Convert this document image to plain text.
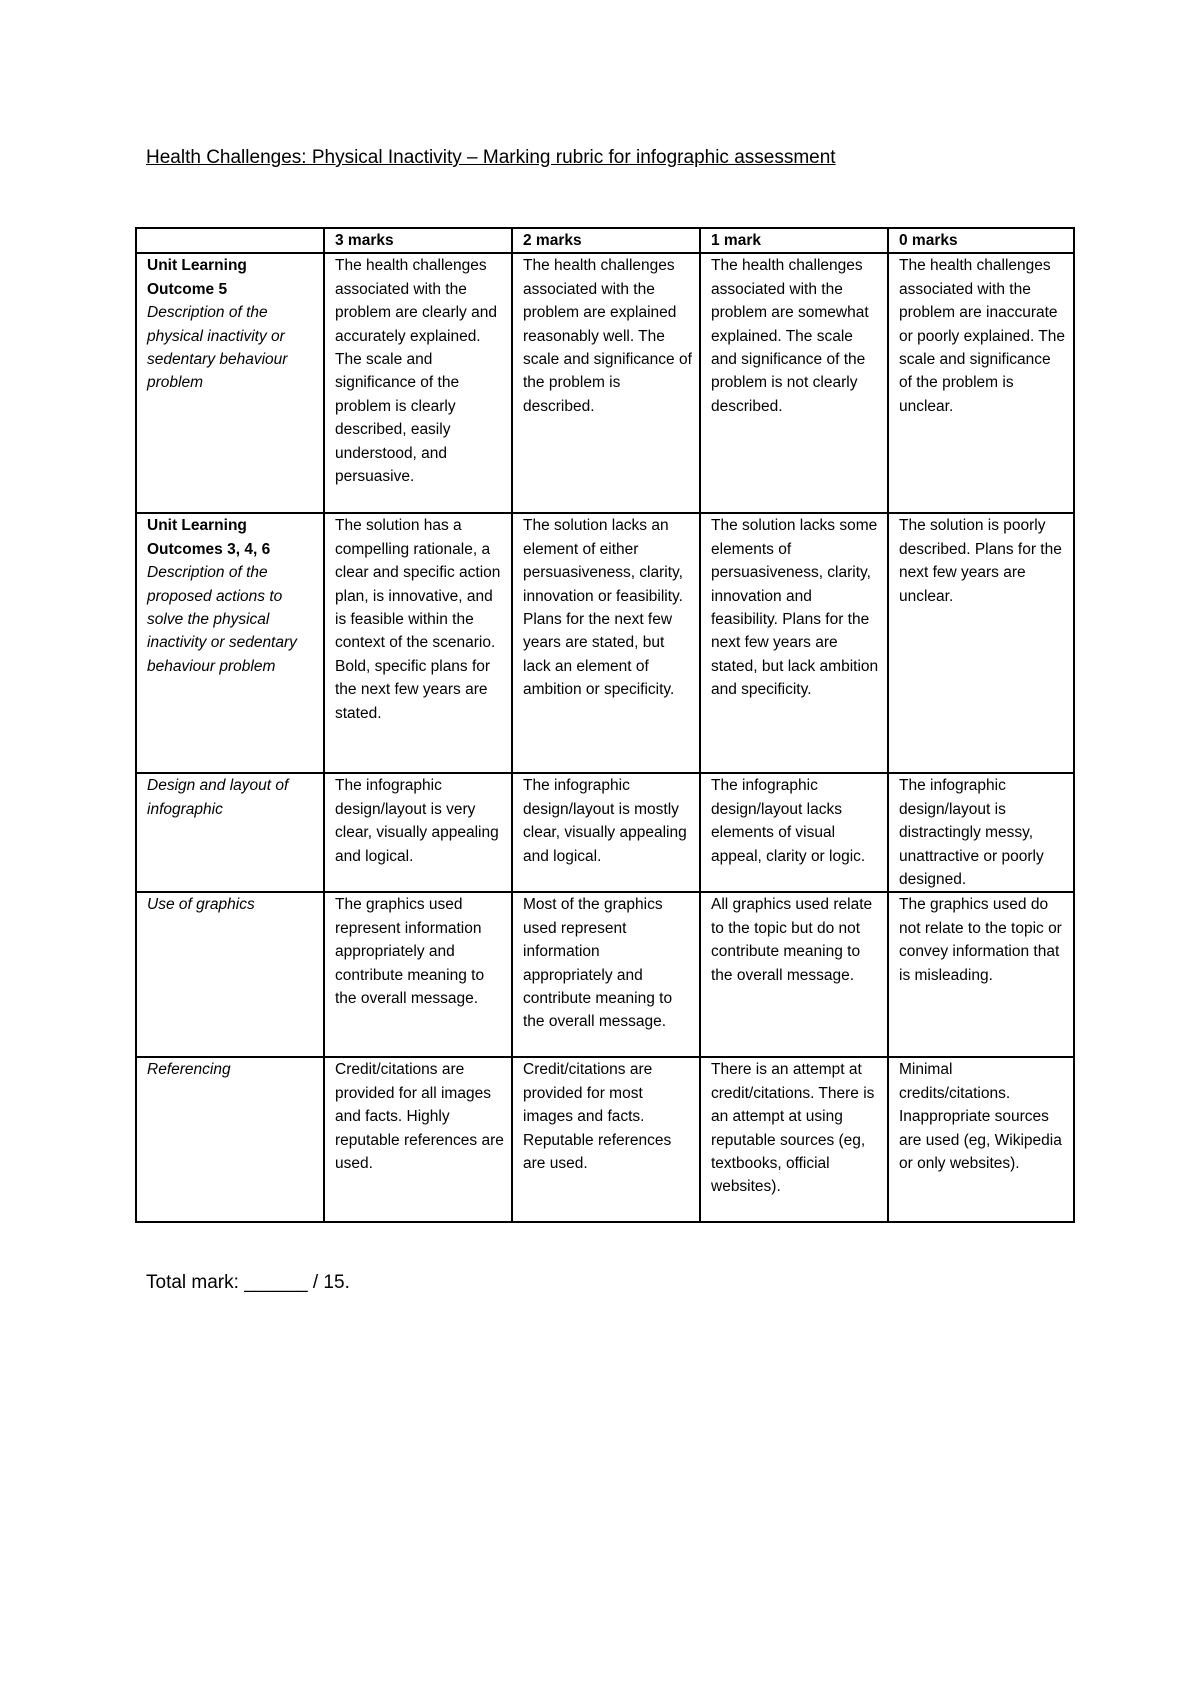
Health Challenges: Physical Inactivity – Marking rubric for infographic assessment
	3 marks	2 marks	1 mark	0 marks

Unit Learning Outcome 5
Description of the physical inactivity or sedentary behaviour problem	The health challenges associated with the problem are clearly and accurately explained. The scale and significance of the problem is clearly described, easily understood, and persuasive.	The health challenges associated with the problem are explained reasonably well. The scale and significance of the problem is described.	The health challenges associated with the problem are somewhat explained. The scale and significance of the problem is not clearly described.	The health challenges associated with the problem are inaccurate or poorly explained. The scale and significance of the problem is unclear.

Unit Learning Outcomes 3, 4, 6
Description of the proposed actions to solve the physical inactivity or sedentary behaviour problem	The solution has a compelling rationale, a clear and specific action plan, is innovative, and is feasible within the context of the scenario. Bold, specific plans for the next few years are stated.	The solution lacks an element of either persuasiveness, clarity, innovation or feasibility. Plans for the next few years are stated, but lack an element of ambition or specificity.	The solution lacks some elements of persuasiveness, clarity, innovation and feasibility. Plans for the next few years are stated, but lack ambition and specificity.	The solution is poorly described. Plans for the next few years are unclear.

Design and layout of infographic	The infographic design/layout is very clear, visually appealing and logical.	The infographic design/layout is mostly clear, visually appealing and logical.	The infographic design/layout lacks elements of visual appeal, clarity or logic.	The infographic design/layout is distractingly messy, unattractive or poorly designed.

Use of graphics	The graphics used represent information appropriately and contribute meaning to the overall message.	Most of the graphics used represent information appropriately and contribute meaning to the overall message.	All graphics used relate to the topic but do not contribute meaning to the overall message.	The graphics used do not relate to the topic or convey information that is misleading.

Referencing	Credit/citations are provided for all images and facts. Highly reputable references are used.	Credit/citations are provided for most images and facts. Reputable references are used.	There is an attempt at credit/citations. There is an attempt at using reputable sources (eg, textbooks, official websites).	Minimal credits/citations. Inappropriate sources are used (eg, Wikipedia or only websites).
Total mark: ______ / 15.
